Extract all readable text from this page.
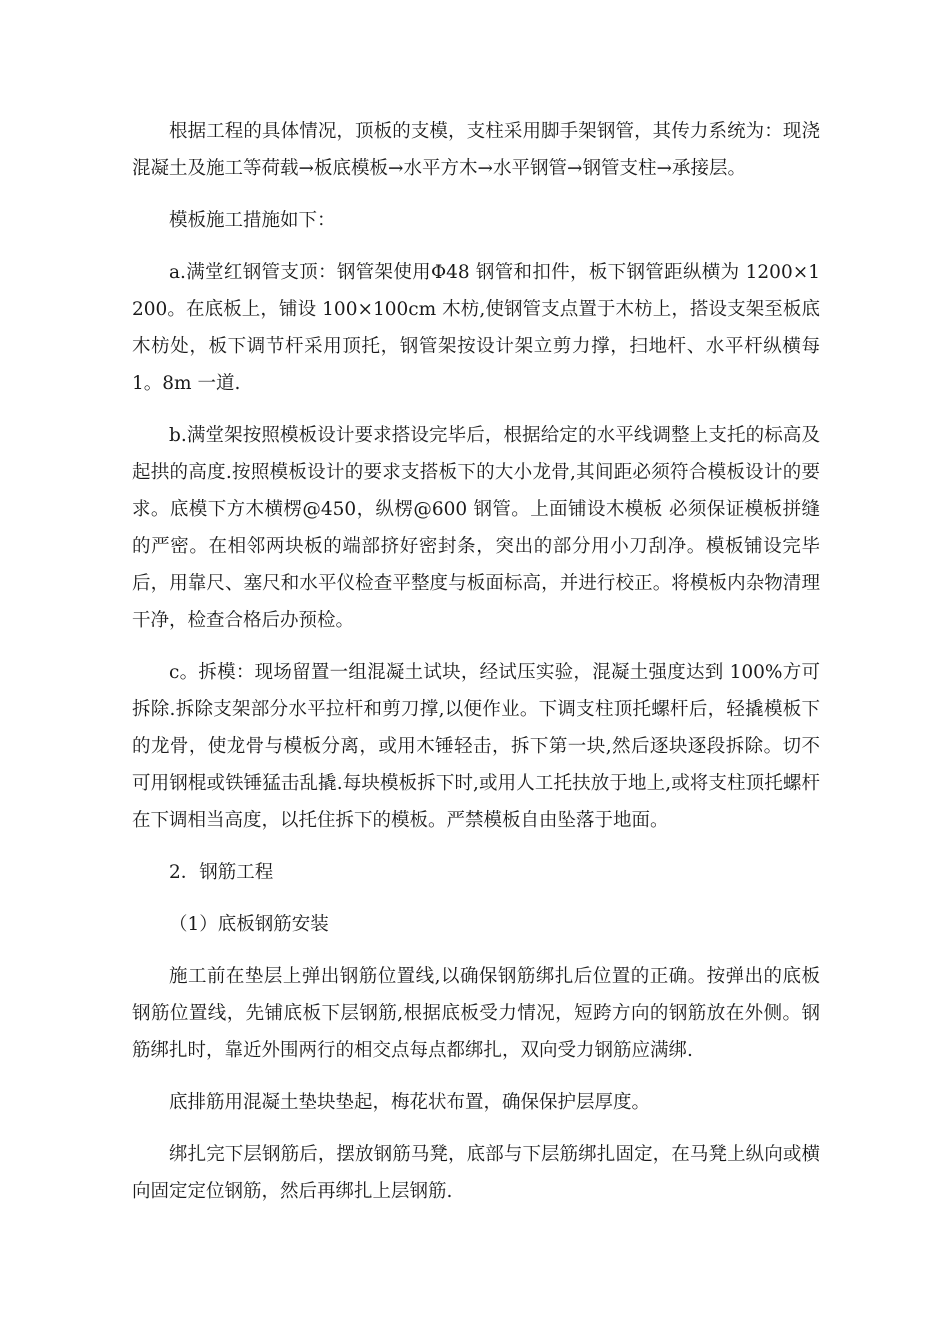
根据工程的具体情况，顶板的支模，支柱采用脚手架钢管，其传力系统为：现浇混凝土及施工等荷载→板底模板→水平方木→水平钢管→钢管支柱→承接层。

模板施工措施如下：

a.满堂红钢管支顶：钢管架使用Φ48 钢管和扣件，板下钢管距纵横为 1200×1200。在底板上，铺设 100×100cm 木枋,使钢管支点置于木枋上，搭设支架至板底木枋处，板下调节杆采用顶托，钢管架按设计架立剪力撑，扫地杆、水平杆纵横每 1。8m 一道.

b.满堂架按照模板设计要求搭设完毕后，根据给定的水平线调整上支托的标高及起拱的高度.按照模板设计的要求支搭板下的大小龙骨,其间距必须符合模板设计的要求。底模下方木横楞@450，纵楞@600 钢管。上面铺设木模板 必须保证模板拼缝的严密。在相邻两块板的端部挤好密封条，突出的部分用小刀刮净。模板铺设完毕后，用靠尺、塞尺和水平仪检查平整度与板面标高，并进行校正。将模板内杂物清理干净，检查合格后办预检。

c。拆模：现场留置一组混凝土试块，经试压实验，混凝土强度达到 100%方可拆除.拆除支架部分水平拉杆和剪刀撑,以便作业。下调支柱顶托螺杆后，轻撬模板下的龙骨，使龙骨与模板分离，或用木锤轻击，拆下第一块,然后逐块逐段拆除。切不可用钢棍或铁锤猛击乱撬.每块模板拆下时,或用人工托扶放于地上,或将支柱顶托螺杆在下调相当高度，以托住拆下的模板。严禁模板自由坠落于地面。

2．钢筋工程

（1）底板钢筋安装

施工前在垫层上弹出钢筋位置线,以确保钢筋绑扎后位置的正确。按弹出的底板钢筋位置线，先铺底板下层钢筋,根据底板受力情况，短跨方向的钢筋放在外侧。钢筋绑扎时，靠近外围两行的相交点每点都绑扎，双向受力钢筋应满绑.

底排筋用混凝土垫块垫起，梅花状布置，确保保护层厚度。

绑扎完下层钢筋后，摆放钢筋马凳，底部与下层筋绑扎固定，在马凳上纵向或横向固定定位钢筋，然后再绑扎上层钢筋.
